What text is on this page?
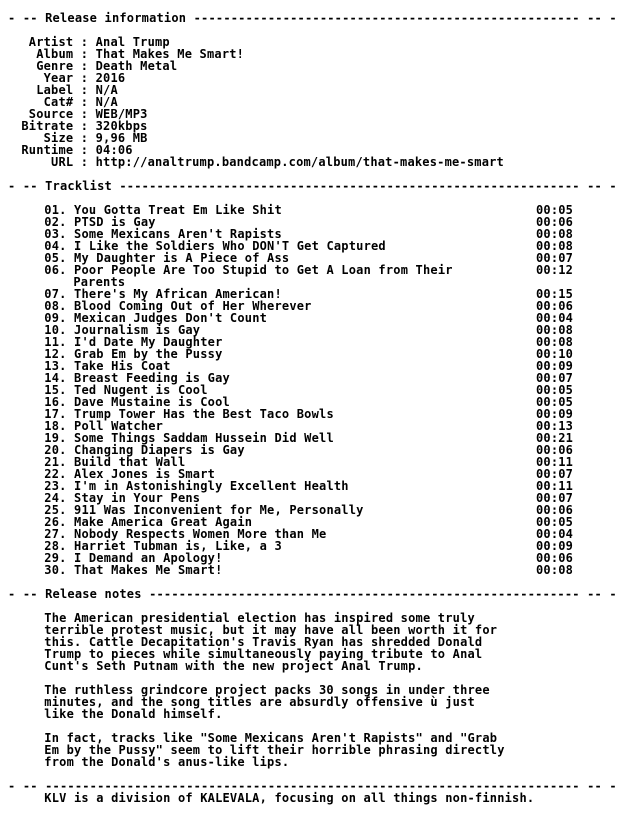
- -- Release information ---------------------------------------------------- -- -
Artist : Anal Trump
Album : That Makes Me Smart!
Genre : Death Metal
Year : 2016
Label : N/A
Cat# : N/A
Source : WEB/MP3
Bitrate : 320kbps
Size : 9,96 MB
Runtime : 04:06
URL : http://analtrump.bandcamp.com/album/that-makes-me-smart
- -- Tracklist -------------------------------------------------------------- -- -
01. You Gotta Treat Em Like Shit	00:05
02. PTSD is Gay	00:06
03. Some Mexicans Aren't Rapists	00:08
04. I Like the Soldiers Who DON'T Get Captured	00:08
05. My Daughter is A Piece of Ass	00:07
06. Poor People Are Too Stupid to Get A Loan from Their	00:12
Parents
07. There's My African American!	00:15
08. Blood Coming Out of Her Wherever	00:06
09. Mexican Judges Don't Count	00:04
10. Journalism is Gay	00:08
11. I'd Date My Daughter	00:08
12. Grab Em by the Pussy	00:10
13. Take His Coat	00:09
14. Breast Feeding is Gay	00:07
15. Ted Nugent is Cool	00:05
16. Dave Mustaine is Cool	00:05
17. Trump Tower Has the Best Taco Bowls	00:09
18. Poll Watcher	00:13
19. Some Things Saddam Hussein Did Well	00:21
20. Changing Diapers is Gay	00:06
21. Build that Wall	00:11
22. Alex Jones is Smart	00:07
23. I'm in Astonishingly Excellent Health	00:11
24. Stay in Your Pens	00:07
25. 911 Was Inconvenient for Me, Personally	00:06
26. Make America Great Again	00:05
27. Nobody Respects Women More than Me	00:04
28. Harriet Tubman is, Like, a 3	00:09
29. I Demand an Apology!	00:06
30. That Makes Me Smart!	00:08
- -- Release notes ---------------------------------------------------------- -- -
The American presidential election has inspired some truly
terrible protest music, but it may have all been worth it for
this. Cattle Decapitation's Travis Ryan has shredded Donald
Trump to pieces while simultaneously paying tribute to Anal
Cunt's Seth Putnam with the new project Anal Trump.
The ruthless grindcore project packs 30 songs in under three
minutes, and the song titles are absurdly offensive ù just
like the Donald himself.
In fact, tracks like "Some Mexicans Aren't Rapists" and "Grab
Em by the Pussy" seem to lift their horrible phrasing directly
from the Donald's anus-like lips.
- -- ------------------------------------------------------------------------ -- -
KLV is a division of KALEVALA, focusing on all things non-finnish.
